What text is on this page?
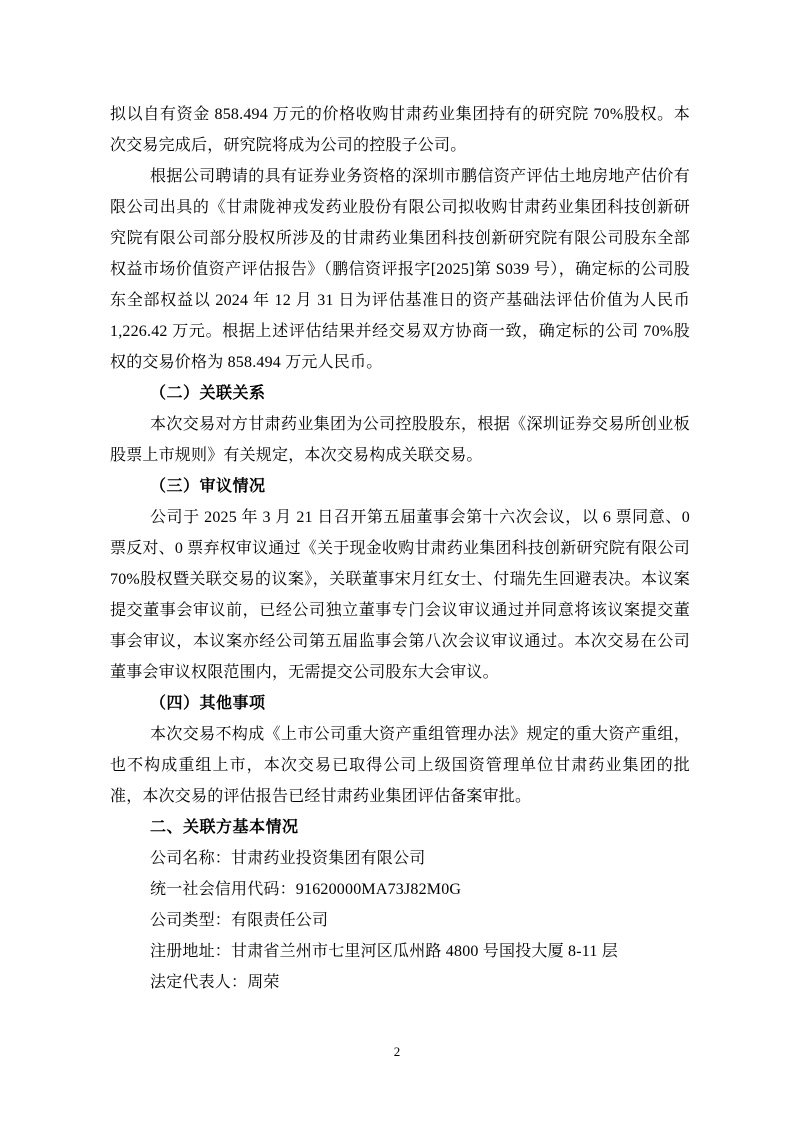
拟以自有资金 858.494 万元的价格收购甘肃药业集团持有的研究院 70%股权。本次交易完成后，研究院将成为公司的控股子公司。

根据公司聘请的具有证券业务资格的深圳市鹏信资产评估土地房地产估价有限公司出具的《甘肃陇神戎发药业股份有限公司拟收购甘肃药业集团科技创新研究院有限公司部分股权所涉及的甘肃药业集团科技创新研究院有限公司股东全部权益市场价值资产评估报告》（鹏信资评报字[2025]第 S039 号），确定标的公司股东全部权益以 2024 年 12 月 31 日为评估基准日的资产基础法评估价值为人民币 1,226.42 万元。根据上述评估结果并经交易双方协商一致，确定标的公司 70%股权的交易价格为 858.494 万元人民币。

（二）关联关系

本次交易对方甘肃药业集团为公司控股股东，根据《深圳证券交易所创业板股票上市规则》有关规定，本次交易构成关联交易。

（三）审议情况

公司于 2025 年 3 月 21 日召开第五届董事会第十六次会议，以 6 票同意、0 票反对、0 票弃权审议通过《关于现金收购甘肃药业集团科技创新研究院有限公司 70%股权暨关联交易的议案》，关联董事宋月红女士、付瑞先生回避表决。本议案提交董事会审议前，已经公司独立董事专门会议审议通过并同意将该议案提交董事会审议，本议案亦经公司第五届监事会第八次会议审议通过。本次交易在公司董事会审议权限范围内，无需提交公司股东大会审议。

（四）其他事项

本次交易不构成《上市公司重大资产重组管理办法》规定的重大资产重组，也不构成重组上市，本次交易已取得公司上级国资管理单位甘肃药业集团的批准，本次交易的评估报告已经甘肃药业集团评估备案审批。

二、关联方基本情况

公司名称：甘肃药业投资集团有限公司

统一社会信用代码：91620000MA73J82M0G

公司类型：有限责任公司

注册地址：甘肃省兰州市七里河区瓜州路 4800 号国投大厦 8-11 层

法定代表人：周荣

2
